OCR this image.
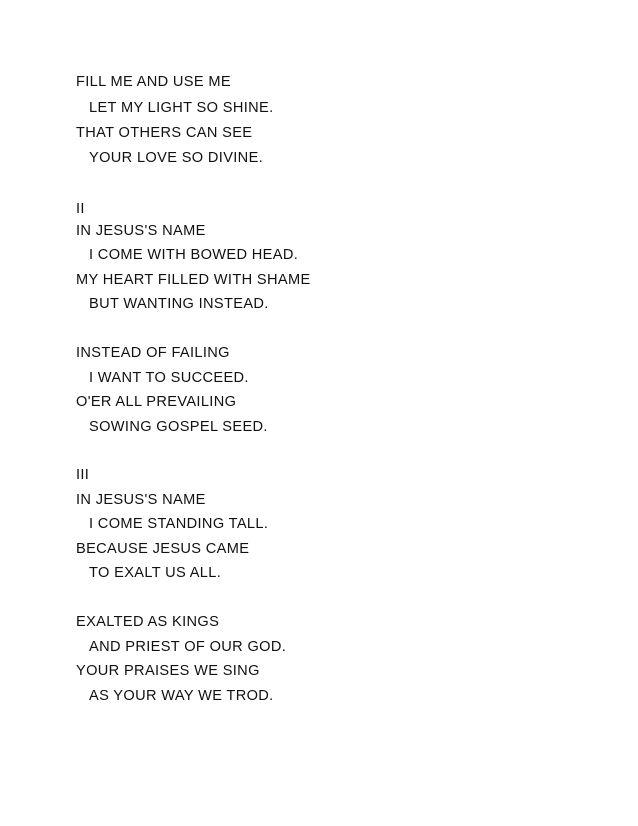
FILL ME AND USE ME
LET MY LIGHT SO SHINE.
THAT OTHERS CAN SEE
YOUR LOVE SO DIVINE.
II
IN JESUS'S NAME
I COME WITH BOWED HEAD.
MY HEART FILLED WITH SHAME
BUT WANTING INSTEAD.
INSTEAD OF FAILING
I WANT TO SUCCEED.
O'ER ALL PREVAILING
SOWING GOSPEL SEED.
III
IN JESUS'S NAME
I COME STANDING TALL.
BECAUSE JESUS CAME
TO EXALT US ALL.
EXALTED AS KINGS
AND PRIEST OF OUR GOD.
YOUR PRAISES WE SING
AS YOUR WAY WE TROD.
